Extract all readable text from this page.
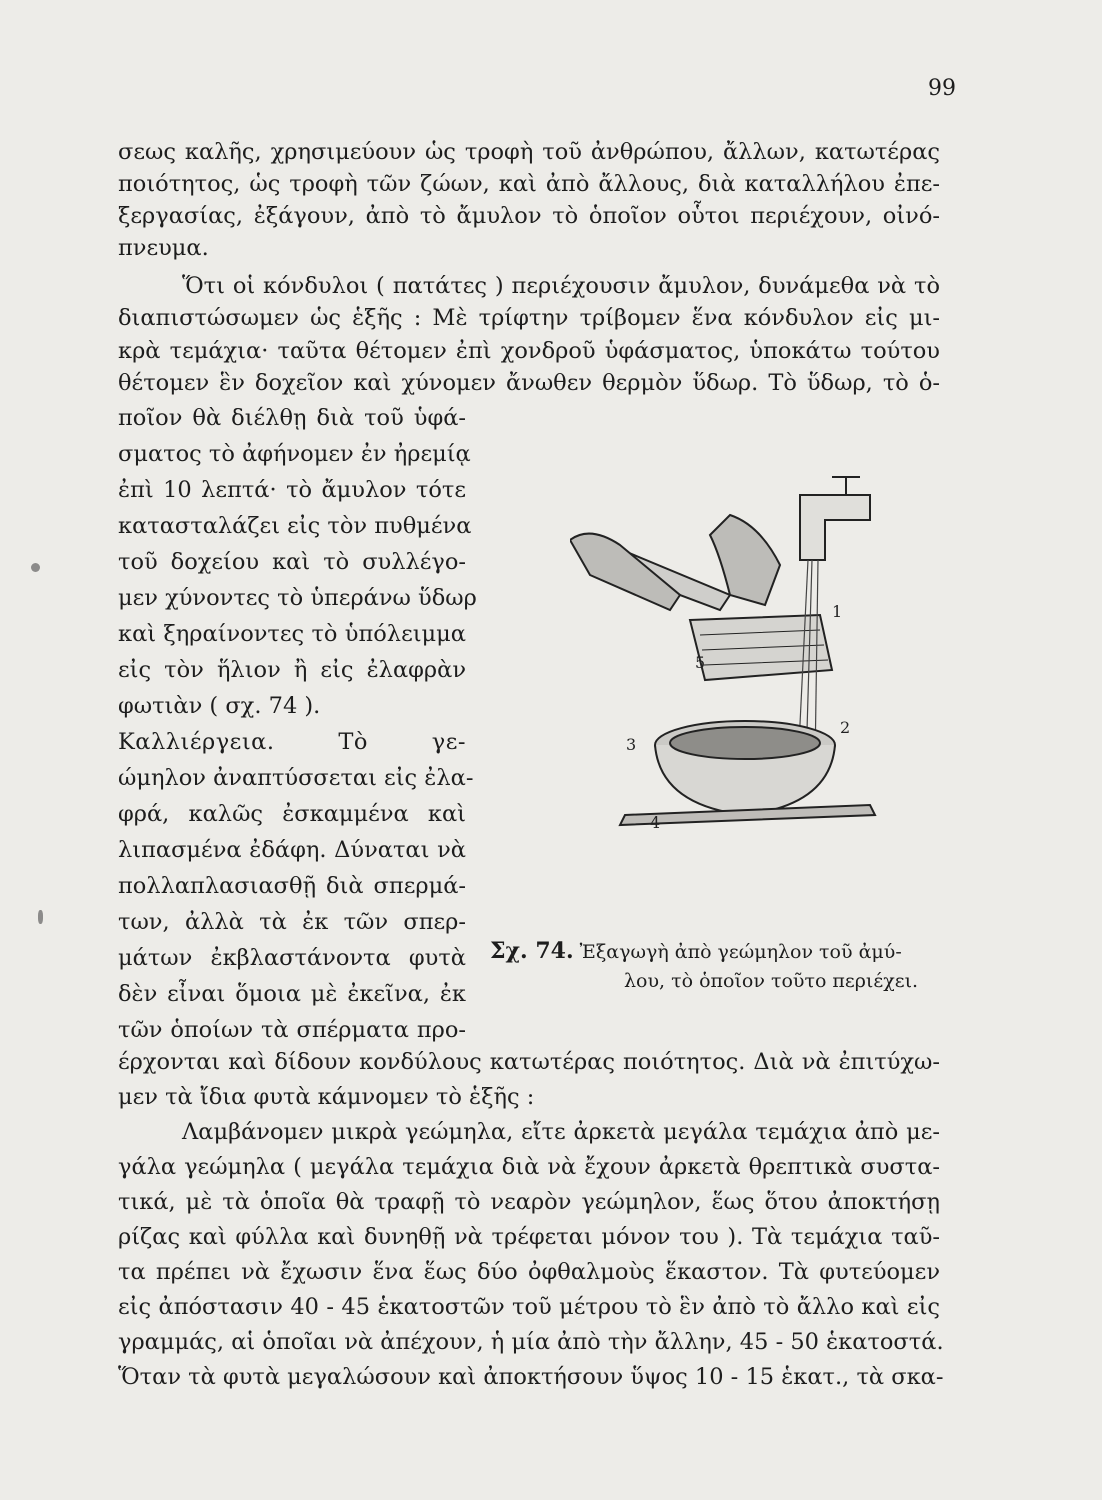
99
σεως καλῆς, χρησιμεύουν ὡς τροφὴ τοῦ ἀνθρώπου, ἄλλων, κατωτέρας
ποιότητος, ὡς τροφὴ τῶν ζώων, καὶ ἀπὸ ἄλλους, διὰ καταλλήλου ἐπε-
ξεργασίας, ἐξάγουν, ἀπὸ τὸ ἄμυλον τὸ ὁποῖον οὗτοι περιέχουν, οἰνό-
πνευμα.
Ὅτι οἱ κόνδυλοι ( πατάτες ) περιέχουσιν ἄμυλον, δυνάμεθα νὰ τὸ
διαπιστώσωμεν ὡς ἑξῆς : Μὲ τρίφτην τρίβομεν ἕνα κόνδυλον εἰς μι-
κρὰ τεμάχια· ταῦτα θέτομεν ἐπὶ χονδροῦ ὑφάσματος, ὑποκάτω τούτου
θέτομεν ἓν δοχεῖον καὶ χύνομεν ἄνωθεν θερμὸν ὕδωρ. Τὸ ὕδωρ, τὸ ὁ-
ποῖον θὰ διέλθῃ διὰ τοῦ ὑφά-
σματος τὸ ἀφήνομεν ἐν ἠρεμίᾳ
ἐπὶ 10 λεπτά· τὸ ἄμυλον τότε
κατασταλάζει εἰς τὸν πυθμένα
τοῦ δοχείου καὶ τὸ συλλέγο-
μεν χύνοντες τὸ ὑπεράνω ὕδωρ
καὶ ξηραίνοντες τὸ ὑπόλειμμα
εἰς τὸν ἥλιον ἢ εἰς ἐλαφρὰν
φωτιὰν ( σχ. 74 ).
Καλλιέργεια. Τὸ γε-
ώμηλον ἀναπτύσσεται εἰς ἐλα-
φρά, καλῶς ἐσκαμμένα καὶ
λιπασμένα ἐδάφη. Δύναται νὰ
πολλαπλασιασθῇ διὰ σπερμά-
των, ἀλλὰ τὰ ἐκ τῶν σπερ-
μάτων ἐκβλαστάνοντα φυτὰ
δὲν εἶναι ὅμοια μὲ ἐκεῖνα, ἐκ
τῶν ὁποίων τὰ σπέρματα προ-
έρχονται καὶ δίδουν κονδύλους κατωτέρας ποιότητος. Διὰ νὰ ἐπιτύχω-
μεν τὰ ἴδια φυτὰ κάμνομεν τὸ ἑξῆς :
Λαμβάνομεν μικρὰ γεώμηλα, εἴτε ἀρκετὰ μεγάλα τεμάχια ἀπὸ με-
γάλα γεώμηλα ( μεγάλα τεμάχια διὰ νὰ ἔχουν ἀρκετὰ θρεπτικὰ συστα-
τικά, μὲ τὰ ὁποῖα θὰ τραφῇ τὸ νεαρὸν γεώμηλον, ἕως ὅτου ἀποκτήσῃ
ρίζας καὶ φύλλα καὶ δυνηθῇ νὰ τρέφεται μόνον του ). Τὰ τεμάχια ταῦ-
τα πρέπει νὰ ἔχωσιν ἕνα ἕως δύο ὀφθαλμοὺς ἕκαστον. Τὰ φυτεύομεν
εἰς ἀπόστασιν 40 - 45 ἑκατοστῶν τοῦ μέτρου τὸ ἓν ἀπὸ τὸ ἄλλο καὶ εἰς
γραμμάς, αἱ ὁποῖαι νὰ ἀπέχουν, ἡ μία ἀπὸ τὴν ἄλλην, 45 - 50 ἑκατοστά.
Ὅταν τὰ φυτὰ μεγαλώσουν καὶ ἀποκτήσουν ὕψος 10 - 15 ἑκατ., τὰ σκα-
1
2
3
4
5
Σχ. 74. Ἐξαγωγὴ ἀπὸ γεώμηλον τοῦ ἀμύ-
λου, τὸ ὁποῖον τοῦτο περιέχει.
